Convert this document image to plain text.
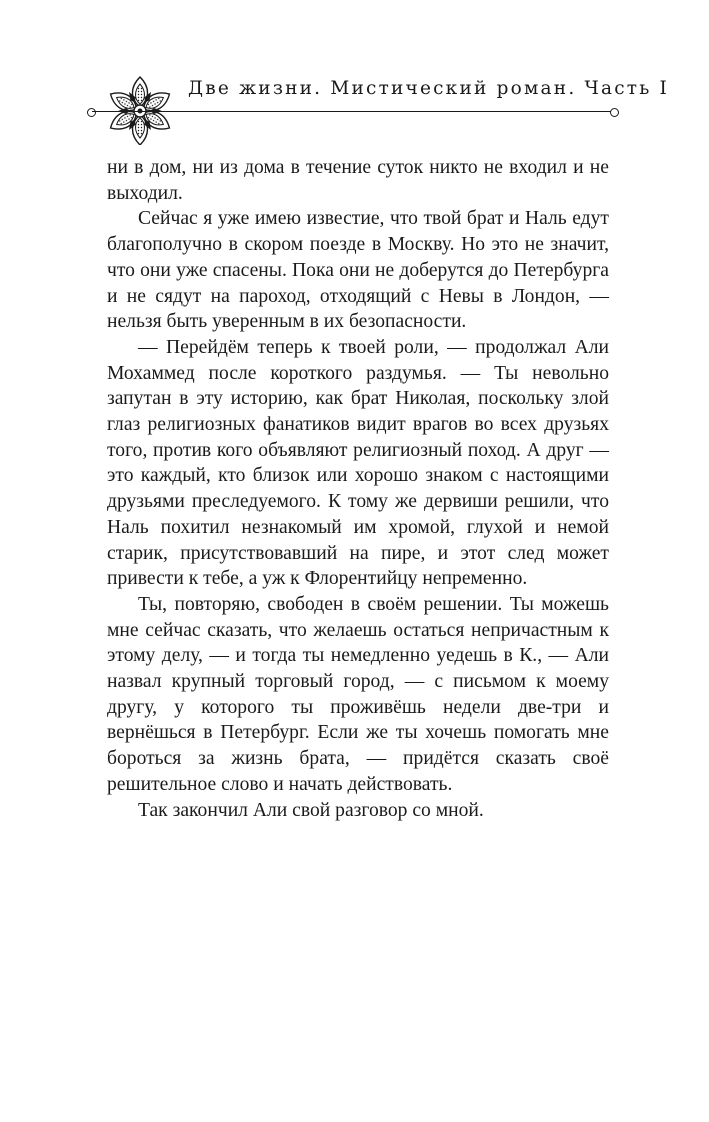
Две жизни. Мистический роман. Часть I

ни в дом, ни из дома в течение суток никто не входил и не выходил.

Сейчас я уже имею известие, что твой брат и Наль едут благополучно в скором поезде в Москву. Но это не значит, что они уже спасены. Пока они не доберутся до Петербурга и не сядут на пароход, отходящий с Невы в Лондон, — нельзя быть уверенным в их безопасности.

— Перейдём теперь к твоей роли, — продолжал Али Мохаммед после короткого раздумья. — Ты невольно запутан в эту историю, как брат Николая, поскольку злой глаз религиозных фанатиков видит врагов во всех друзьях того, против кого объявляют религиозный поход. А друг — это каждый, кто близок или хорошо знаком с настоящими друзьями преследуемого. К тому же дервиши решили, что Наль похитил незнакомый им хромой, глухой и немой старик, присутствовавший на пире, и этот след может привести к тебе, а уж к Флорентийцу непременно.

Ты, повторяю, свободен в своём решении. Ты можешь мне сейчас сказать, что желаешь остаться непричастным к этому делу, — и тогда ты немедленно уедешь в К., — Али назвал крупный торговый город, — с письмом к моему другу, у которого ты проживёшь недели две-три и вернёшься в Петербург. Если же ты хочешь помогать мне бороться за жизнь брата, — придётся сказать своё решительное слово и начать действовать.

Так закончил Али свой разговор со мной.
